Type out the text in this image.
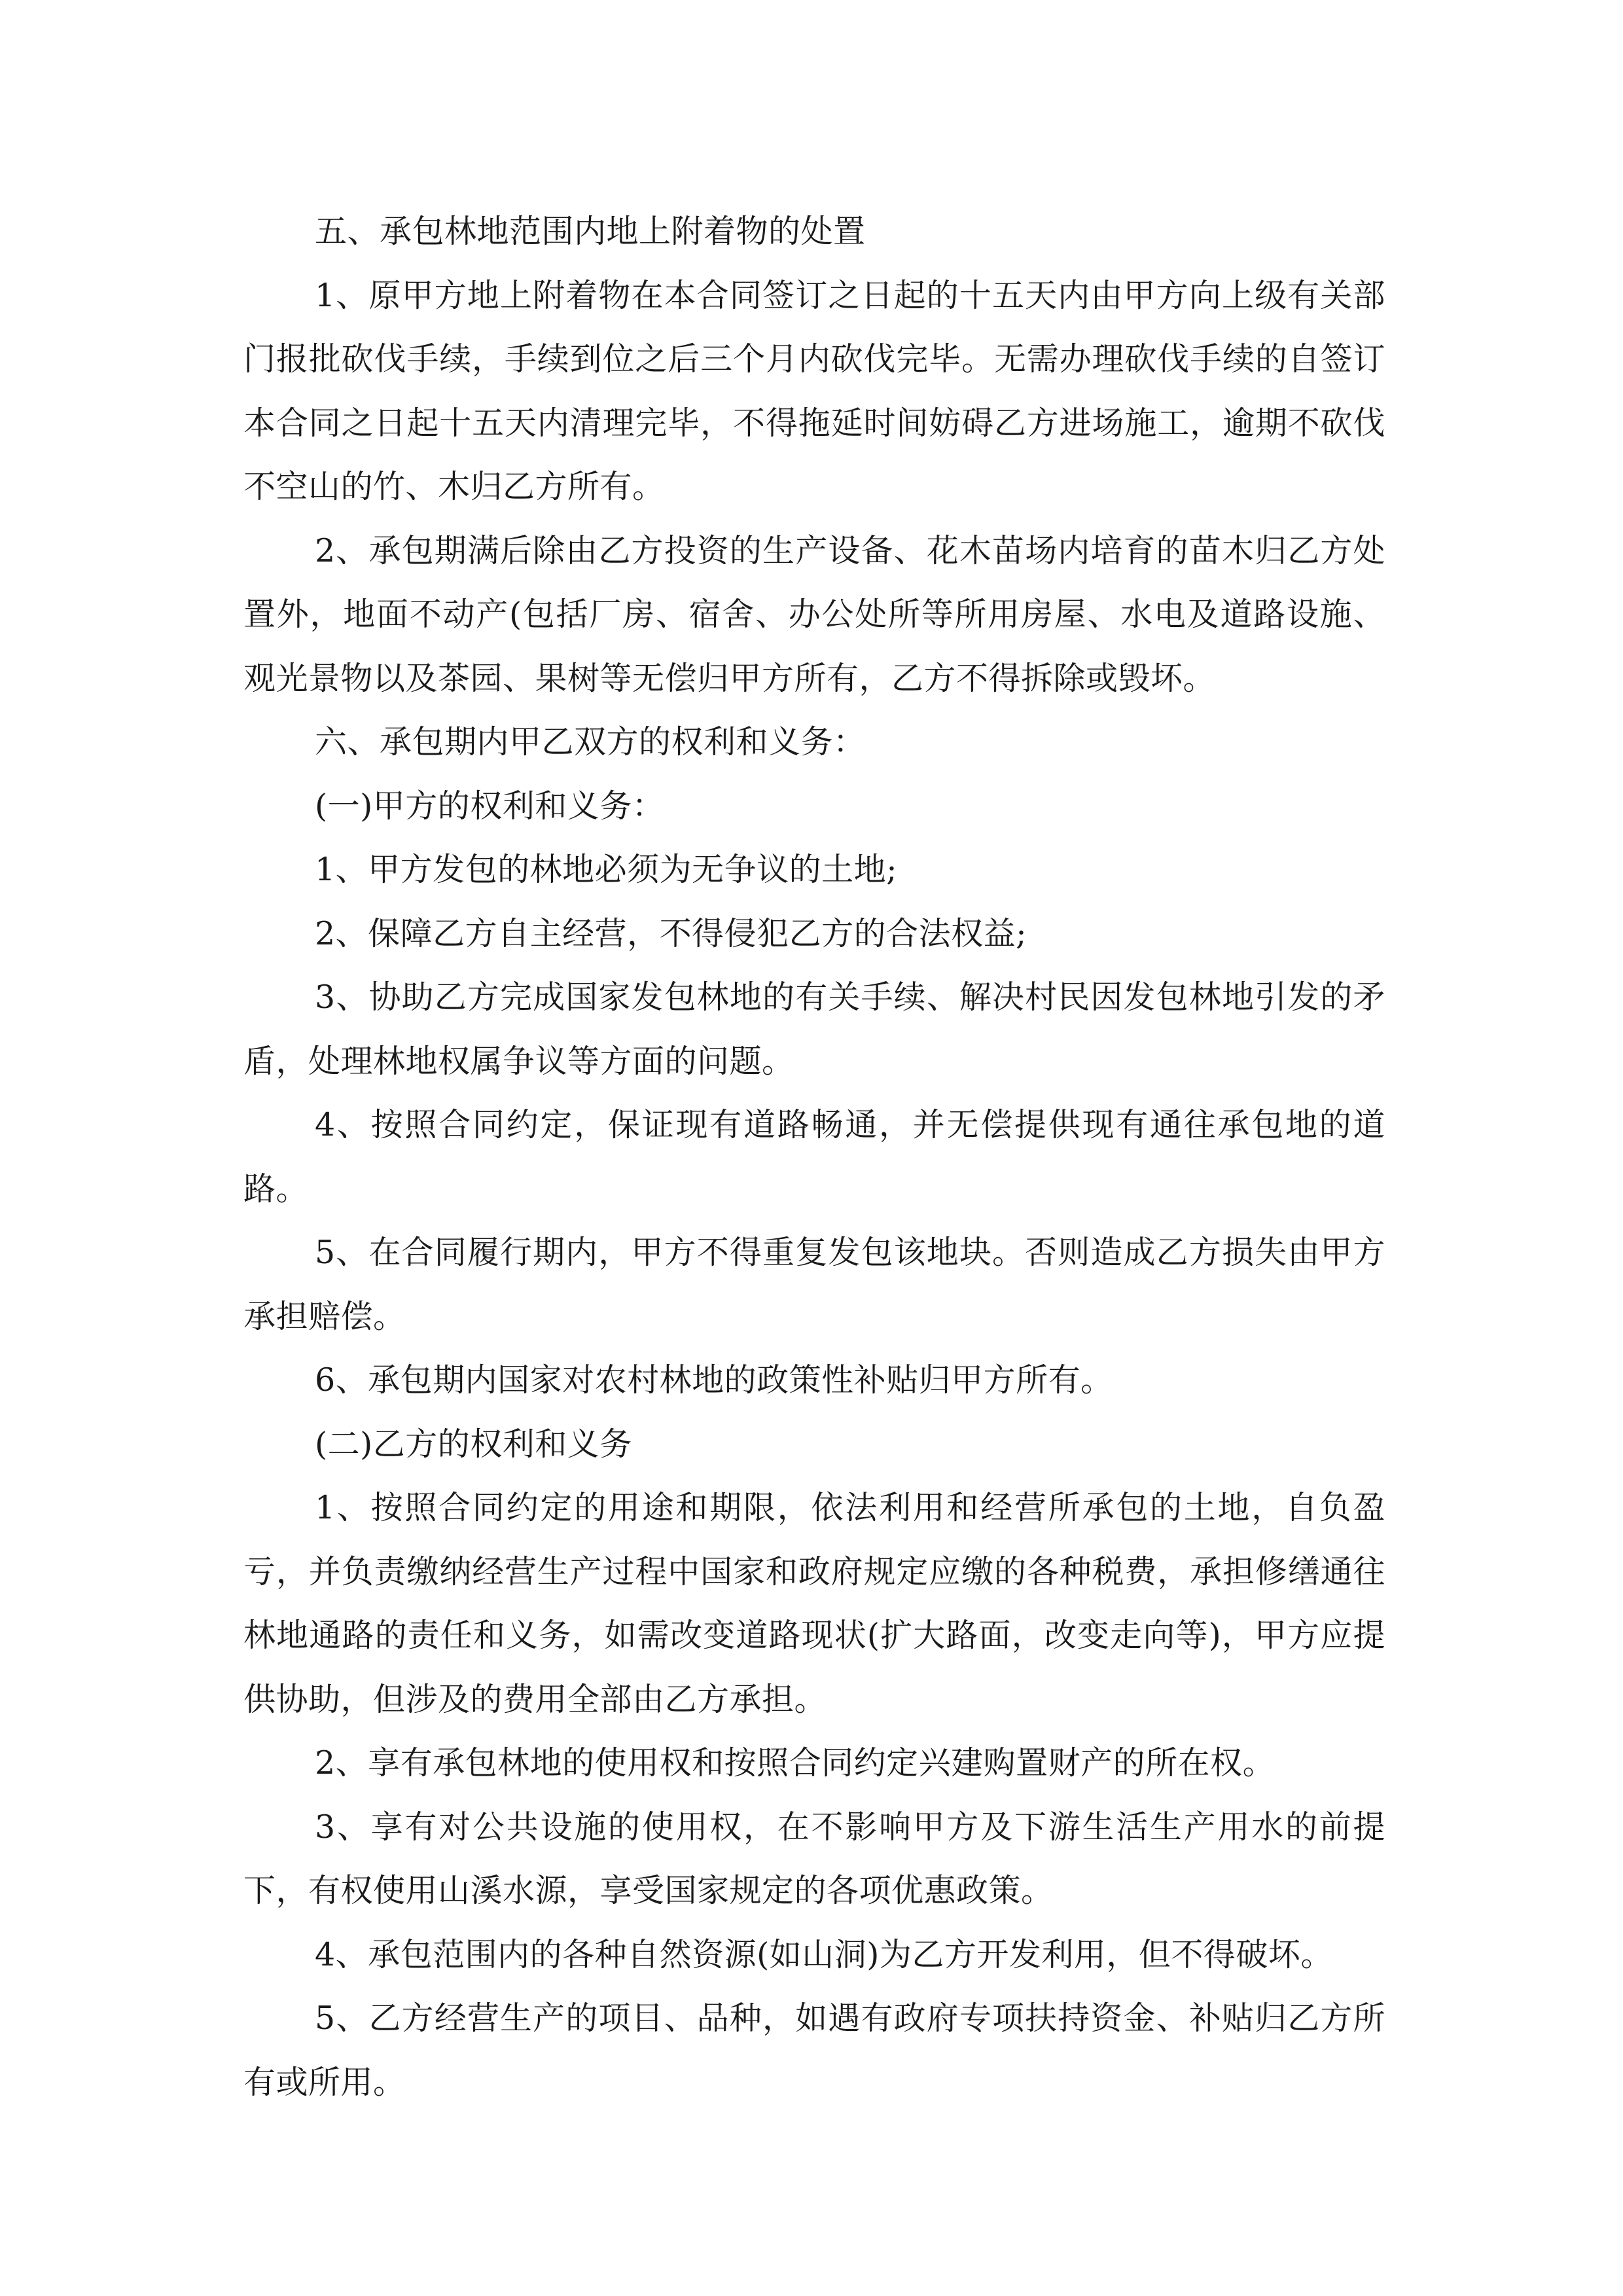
五、承包林地范围内地上附着物的处置

1、原甲方地上附着物在本合同签订之日起的十五天内由甲方向上级有关部门报批砍伐手续，手续到位之后三个月内砍伐完毕。无需办理砍伐手续的自签订本合同之日起十五天内清理完毕，不得拖延时间妨碍乙方进场施工，逾期不砍伐不空山的竹、木归乙方所有。

2、承包期满后除由乙方投资的生产设备、花木苗场内培育的苗木归乙方处置外，地面不动产(包括厂房、宿舍、办公处所等所用房屋、水电及道路设施、观光景物以及茶园、果树等无偿归甲方所有，乙方不得拆除或毁坏。

六、承包期内甲乙双方的权利和义务：

(一)甲方的权利和义务：

1、甲方发包的林地必须为无争议的土地;

2、保障乙方自主经营，不得侵犯乙方的合法权益;

3、协助乙方完成国家发包林地的有关手续、解决村民因发包林地引发的矛盾，处理林地权属争议等方面的问题。

4、按照合同约定，保证现有道路畅通，并无偿提供现有通往承包地的道路。

5、在合同履行期内，甲方不得重复发包该地块。否则造成乙方损失由甲方承担赔偿。

6、承包期内国家对农村林地的政策性补贴归甲方所有。

(二)乙方的权利和义务

1、按照合同约定的用途和期限，依法利用和经营所承包的土地，自负盈亏，并负责缴纳经营生产过程中国家和政府规定应缴的各种税费，承担修缮通往林地通路的责任和义务，如需改变道路现状(扩大路面，改变走向等)，甲方应提供协助，但涉及的费用全部由乙方承担。

2、享有承包林地的使用权和按照合同约定兴建购置财产的所在权。

3、享有对公共设施的使用权，在不影响甲方及下游生活生产用水的前提下，有权使用山溪水源，享受国家规定的各项优惠政策。

4、承包范围内的各种自然资源(如山洞)为乙方开发利用，但不得破坏。

5、乙方经营生产的项目、品种，如遇有政府专项扶持资金、补贴归乙方所有或所用。
